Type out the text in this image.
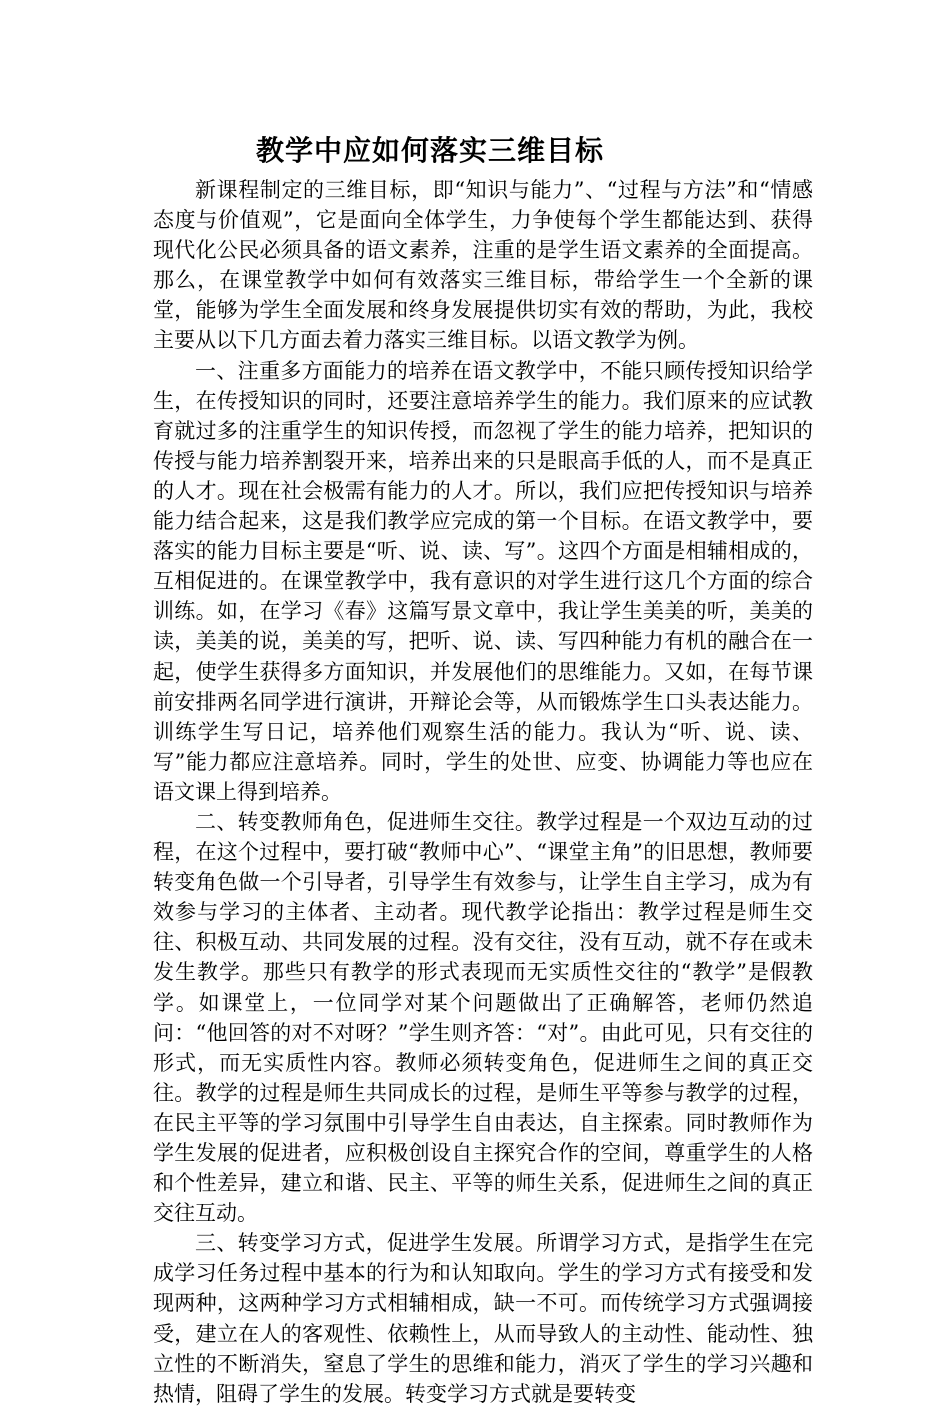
教学中应如何落实三维目标

新课程制定的三维目标，即“知识与能力”、“过程与方法”和“情感态度与价值观”，它是面向全体学生，力争使每个学生都能达到、获得现代化公民必须具备的语文素养，注重的是学生语文素养的全面提高。那么，在课堂教学中如何有效落实三维目标，带给学生一个全新的课堂，能够为学生全面发展和终身发展提供切实有效的帮助，为此，我校主要从以下几方面去着力落实三维目标。以语文教学为例。

一、注重多方面能力的培养在语文教学中，不能只顾传授知识给学生，在传授知识的同时，还要注意培养学生的能力。我们原来的应试教育就过多的注重学生的知识传授，而忽视了学生的能力培养，把知识的传授与能力培养割裂开来，培养出来的只是眼高手低的人，而不是真正的人才。现在社会极需有能力的人才。所以，我们应把传授知识与培养能力结合起来，这是我们教学应完成的第一个目标。在语文教学中，要落实的能力目标主要是“听、说、读、写”。这四个方面是相辅相成的，互相促进的。在课堂教学中，我有意识的对学生进行这几个方面的综合训练。如，在学习《春》这篇写景文章中，我让学生美美的听，美美的读，美美的说，美美的写，把听、说、读、写四种能力有机的融合在一起，使学生获得多方面知识，并发展他们的思维能力。又如，在每节课前安排两名同学进行演讲，开辩论会等，从而锻炼学生口头表达能力。训练学生写日记，培养他们观察生活的能力。我认为“听、说、读、写”能力都应注意培养。同时，学生的处世、应变、协调能力等也应在语文课上得到培养。

二、转变教师角色，促进师生交往。教学过程是一个双边互动的过程，在这个过程中，要打破“教师中心”、“课堂主角”的旧思想，教师要转变角色做一个引导者，引导学生有效参与，让学生自主学习，成为有效参与学习的主体者、主动者。现代教学论指出：教学过程是师生交往、积极互动、共同发展的过程。没有交往，没有互动，就不存在或未发生教学。那些只有教学的形式表现而无实质性交往的“教学”是假教学。如课堂上，一位同学对某个问题做出了正确解答，老师仍然追问：“他回答的对不对呀？”学生则齐答：“对”。由此可见，只有交往的形式，而无实质性内容。教师必须转变角色，促进师生之间的真正交往。教学的过程是师生共同成长的过程，是师生平等参与教学的过程，在民主平等的学习氛围中引导学生自由表达，自主探索。同时教师作为学生发展的促进者，应积极创设自主探究合作的空间，尊重学生的人格和个性差异，建立和谐、民主、平等的师生关系，促进师生之间的真正交往互动。

三、转变学习方式，促进学生发展。所谓学习方式，是指学生在完成学习任务过程中基本的行为和认知取向。学生的学习方式有接受和发现两种，这两种学习方式相辅相成，缺一不可。而传统学习方式强调接受，建立在人的客观性、依赖性上，从而导致人的主动性、能动性、独立性的不断消失，窒息了学生的思维和能力，消灭了学生的学习兴趣和热情，阻碍了学生的发展。转变学习方式就是要转变
